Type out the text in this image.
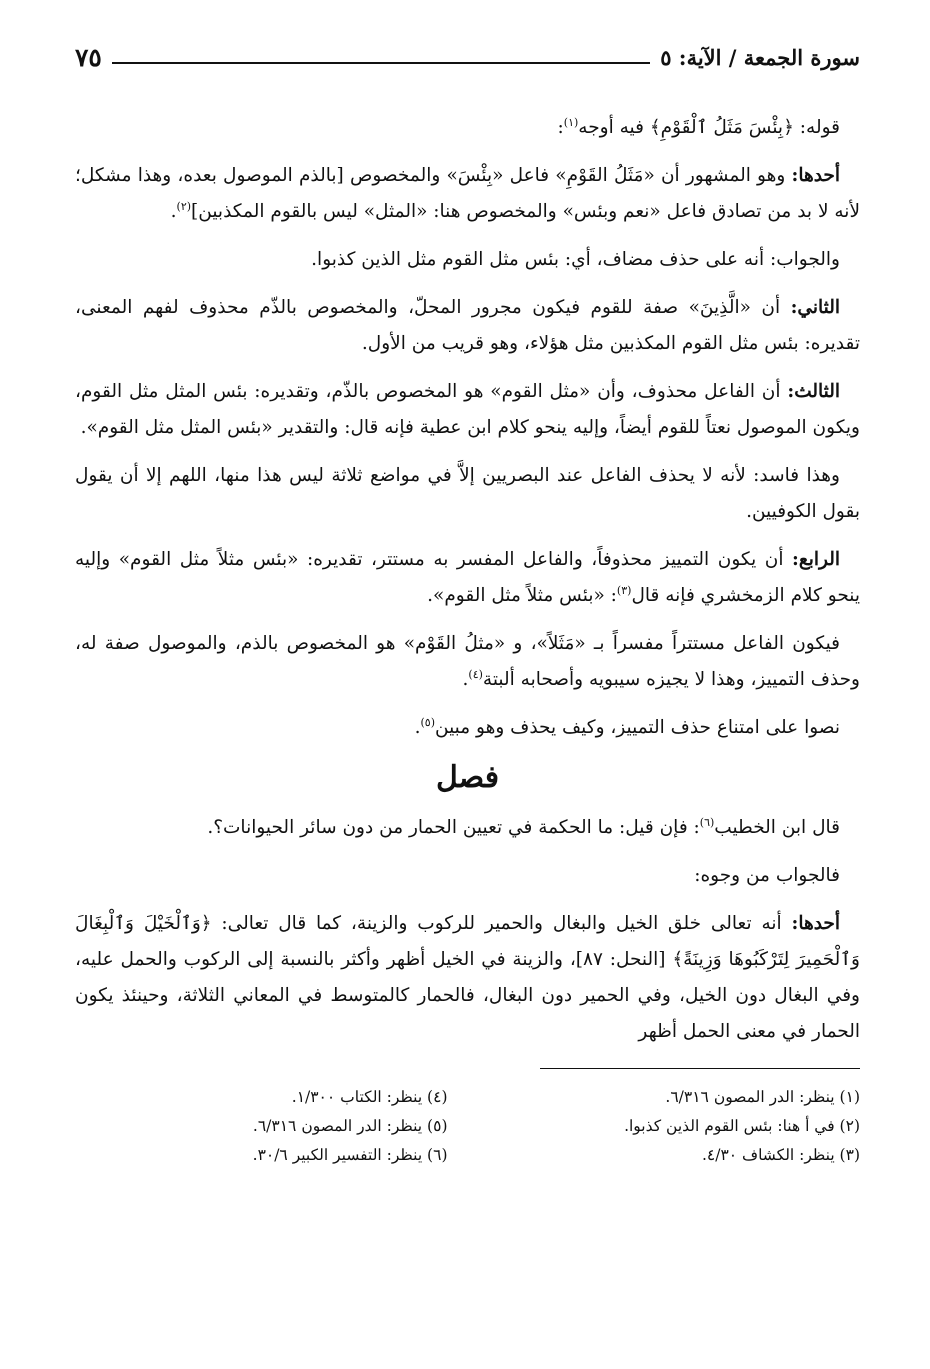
سورة الجمعة / الآية: ٥
٧٥

قوله: ﴿بِئْسَ مَثَلُ ٱلْقَوْمِ﴾ فيه أوجه$^{(١)}$:

أحدها: وهو المشهور أن «مَثَلُ القَوْمِ» فاعل «بِئْسَ» والمخصوص [بالذم الموصول بعده، وهذا مشكل؛ لأنه لا بد من تصادق فاعل «نعم وبئس» والمخصوص هنا: «المثل» ليس بالقوم المكذبين]$^{(٢)}$.

والجواب: أنه على حذف مضاف، أي: بئس مثل القوم مثل الذين كذبوا.

الثاني: أن «الَّذِينَ» صفة للقوم فيكون مجرور المحلّ، والمخصوص بالذّم محذوف لفهم المعنى، تقديره: بئس مثل القوم المكذبين مثل هؤلاء، وهو قريب من الأول.

الثالث: أن الفاعل محذوف، وأن «مثل القوم» هو المخصوص بالذّم، وتقديره: بئس المثل مثل القوم، ويكون الموصول نعتاً للقوم أيضاً، وإليه ينحو كلام ابن عطية فإنه قال: والتقدير «بئس المثل مثل القوم».

وهذا فاسد: لأنه لا يحذف الفاعل عند البصريين إلاَّ في مواضع ثلاثة ليس هذا منها، اللهم إلا أن يقول بقول الكوفيين.

الرابع: أن يكون التمييز محذوفاً، والفاعل المفسر به مستتر، تقديره: «بئس مثلاً مثل القوم» وإليه ينحو كلام الزمخشري فإنه قال$^{(٣)}$: «بئس مثلاً مثل القوم».

فيكون الفاعل مستتراً مفسراً بـ «مَثَلاً»، و «مثلُ القَوْم» هو المخصوص بالذم، والموصول صفة له، وحذف التمييز، وهذا لا يجيزه سيبويه وأصحابه ألبتة$^{(٤)}$.

نصوا على امتناع حذف التمييز، وكيف يحذف وهو مبين$^{(٥)}$.

فصل

قال ابن الخطيب$^{(٦)}$: فإن قيل: ما الحكمة في تعيين الحمار من دون سائر الحيوانات؟.

فالجواب من وجوه:

أحدها: أنه تعالى خلق الخيل والبغال والحمير للركوب والزينة، كما قال تعالى: ﴿وَٱلْخَيْلَ وَٱلْبِغَالَ وَٱلْحَمِيرَ لِتَرْكَبُوهَا وَزِينَةً﴾ [النحل: ٨٧]، والزينة في الخيل أظهر وأكثر بالنسبة إلى الركوب والحمل عليه، وفي البغال دون الخيل، وفي الحمير دون البغال، فالحمار كالمتوسط في المعاني الثلاثة، وحينئذ يكون الحمار في معنى الحمل أظهر

(١) ينظر: الدر المصون ٦/٣١٦.
(٢) في أ هنا: بئس القوم الذين كذبوا.
(٣) ينظر: الكشاف ٤/٣٠.
(٤) ينظر: الكتاب ١/٣٠٠.
(٥) ينظر: الدر المصون ٦/٣١٦.
(٦) ينظر: التفسير الكبير ٣٠/٦.
